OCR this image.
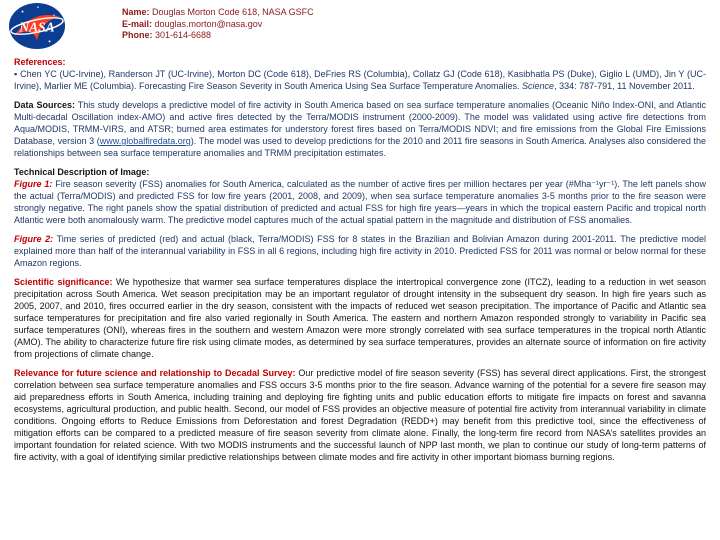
NASA
Name: Douglas Morton Code 618, NASA GSFC
E-mail: douglas.morton@nasa.gov
Phone: 301-614-6688
References:

▪ Chen YC (UC-Irvine), Randerson JT (UC-Irvine), Morton DC (Code 618), DeFries RS (Columbia), Collatz GJ (Code 618), Kasibhatla PS (Duke), Giglio L (UMD), Jin Y (UC-Irvine), Marlier ME (Columbia). Forecasting Fire Season Severity in South America Using Sea Surface Temperature Anomalies. Science, 334: 787-791, 11 November 2011.

Data Sources: This study develops a predictive model of fire activity in South America based on sea surface temperature anomalies (Oceanic Niño Index-ONI, and Atlantic Multi-decadal Oscillation index-AMO) and active fires detected by the Terra/MODIS instrument (2000-2009). The model was validated using active fire detections from Aqua/MODIS, TRMM-VIRS, and ATSR; burned area estimates for understory forest fires based on Terra/MODIS NDVI; and fire emissions from the Global Fire Emissions Database, version 3 (www.globalfiredata.org). The model was used to develop predictions for the 2010 and 2011 fire seasons in South America. Analyses also considered the relationships between sea surface temperature anomalies and TRMM precipitation estimates.

Technical Description of Image:

Figure 1: Fire season severity (FSS) anomalies for South America, calculated as the number of active fires per million hectares per year (#Mha⁻¹yr⁻¹). The left panels show the actual (Terra/MODIS) and predicted FSS for low fire years (2001, 2008, and 2009), when sea surface temperature anomalies 3-5 months prior to the fire season were strongly negative. The right panels show the spatial distribution of predicted and actual FSS for high fire years—years in which the tropical eastern Pacific and tropical north Atlantic were both anomalously warm. The predictive model captures much of the actual spatial pattern in the magnitude and distribution of FSS anomalies.

Figure 2: Time series of predicted (red) and actual (black, Terra/MODIS) FSS for 8 states in the Brazilian and Bolivian Amazon during 2001-2011. The predictive model explained more than half of the interannual variability in FSS in all 6 regions, including high fire activity in 2010. Predicted FSS for 2011 was normal or below normal for these Amazon regions.

Scientific significance: We hypothesize that warmer sea surface temperatures displace the intertropical convergence zone (ITCZ), leading to a reduction in wet season precipitation across South America. Wet season precipitation may be an important regulator of drought intensity in the subsequent dry season. In high fire years such as 2005, 2007, and 2010, fires occurred earlier in the dry season, consistent with the impacts of reduced wet season precipitation. The importance of Pacific and Atlantic sea surface temperatures for precipitation and fire also varied regionally in South America. The eastern and northern Amazon responded strongly to variability in Pacific sea surface temperatures (ONI), whereas fires in the southern and western Amazon were more strongly correlated with sea surface temperatures in the tropical north Atlantic (AMO). The ability to characterize future fire risk using climate modes, as determined by sea surface temperatures, provides an alternate source of information on fire activity from projections of climate change.

Relevance for future science and relationship to Decadal Survey: Our predictive model of fire season severity (FSS) has several direct applications. First, the strongest correlation between sea surface temperature anomalies and FSS occurs 3-5 months prior to the fire season. Advance warning of the potential for a severe fire season may aid preparedness efforts in South America, including training and deploying fire fighting units and public education efforts to mitigate fire impacts on forest and savanna ecosystems, agricultural production, and public health. Second, our model of FSS provides an objective measure of potential fire activity from interannual variability in climate conditions. Ongoing efforts to Reduce Emissions from Deforestation and forest Degradation (REDD+) may benefit from this predictive tool, since the effectiveness of mitigation efforts can be compared to a predicted measure of fire season severity from climate alone. Finally, the long-term fire record from NASA’s satellites provides an important foundation for related science. With two MODIS instruments and the successful launch of NPP last month, we plan to continue our study of long-term patterns of fire activity, with a goal of identifying similar predictive relationships between climate modes and fire activity in other important biomass burning regions.
